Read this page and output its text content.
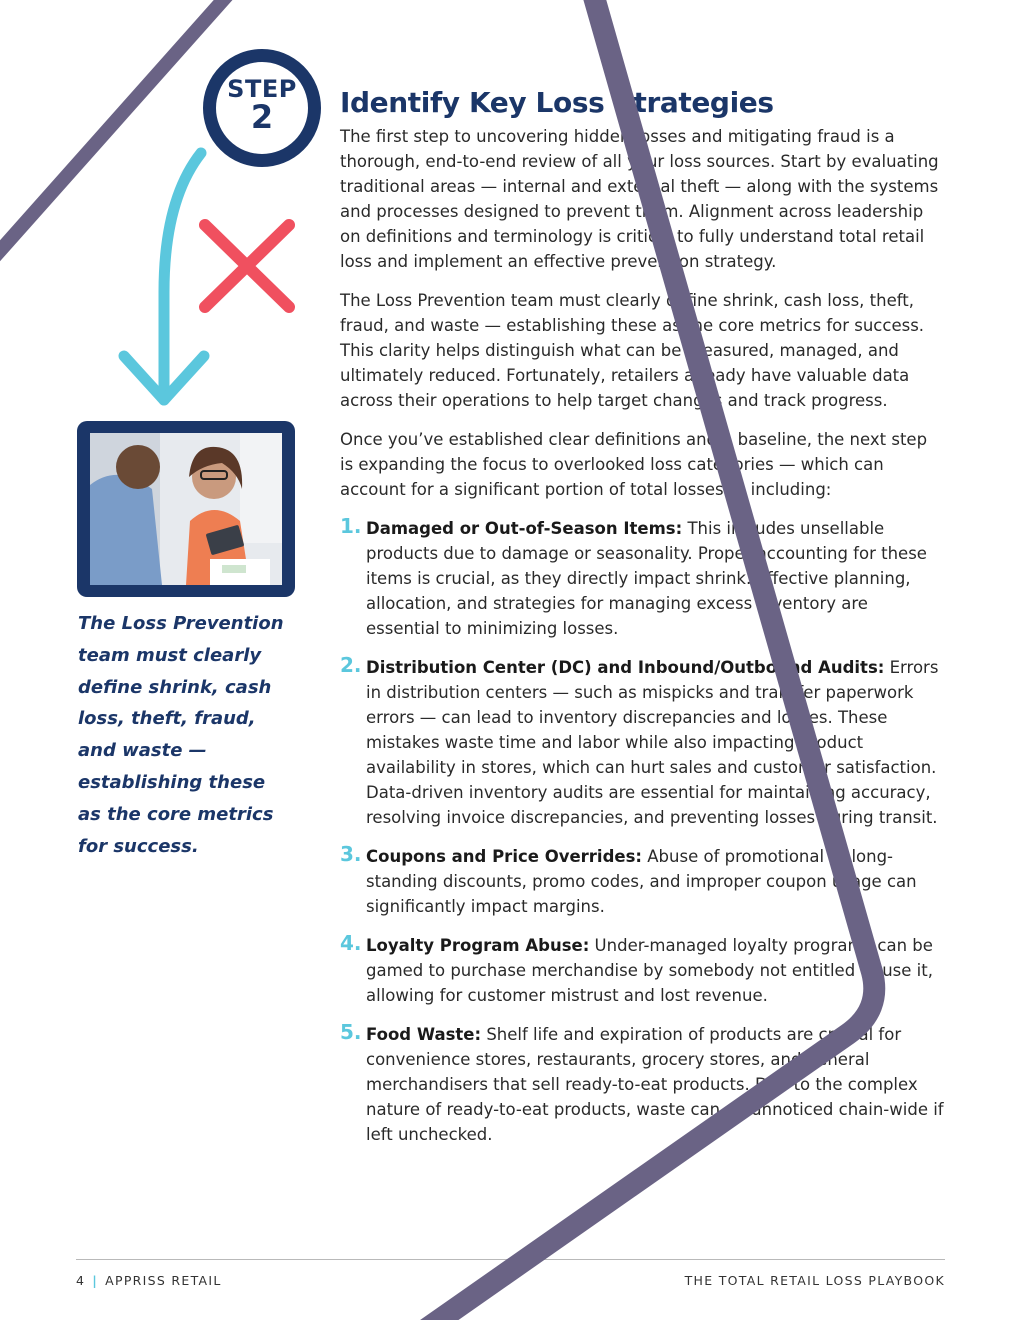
STEP
2

The Loss Prevention team must clearly define shrink, cash loss, theft, fraud, and waste — establishing these as the core metrics for success.

Identify Key Loss Strategies

The first step to uncovering hidden losses and mitigating fraud is a thorough, end-to-end review of all your loss sources. Start by evaluating traditional areas — internal and external theft — along with the systems and processes designed to prevent them. Alignment across leadership on definitions and terminology is critical to fully understand total retail loss and implement an effective prevention strategy.

The Loss Prevention team must clearly define shrink, cash loss, theft, fraud, and waste — establishing these as the core metrics for success. This clarity helps distinguish what can be measured, managed, and ultimately reduced. Fortunately, retailers already have valuable data across their operations to help target changes and track progress.

Once you’ve established clear definitions and a baseline, the next step is expanding the focus to overlooked loss categories — which can account for a significant portion of total losses — including:

1. Damaged or Out-of-Season Items: This includes unsellable products due to damage or seasonality. Proper accounting for these items is crucial, as they directly impact shrink. Effective planning, allocation, and strategies for managing excess inventory are essential to minimizing losses.
2. Distribution Center (DC) and Inbound/Outbound Audits: Errors in distribution centers — such as mispicks and transfer paperwork errors — can lead to inventory discrepancies and losses. These mistakes waste time and labor while also impacting product availability in stores, which can hurt sales and customer satisfaction. Data-driven inventory audits are essential for maintaining accuracy, resolving invoice discrepancies, and preventing losses during transit.
3. Coupons and Price Overrides: Abuse of promotional or long-standing discounts, promo codes, and improper coupon usage can significantly impact margins.
4. Loyalty Program Abuse: Under-managed loyalty programs can be gamed to purchase merchandise by somebody not entitled to use it, allowing for customer mistrust and lost revenue.
5. Food Waste: Shelf life and expiration of products are crucial for convenience stores, restaurants, grocery stores, and general merchandisers that sell ready-to-eat products. Due to the complex nature of ready-to-eat products, waste can go unnoticed chain-wide if left unchecked.
4 | APPRISS RETAIL	THE TOTAL RETAIL LOSS PLAYBOOK
